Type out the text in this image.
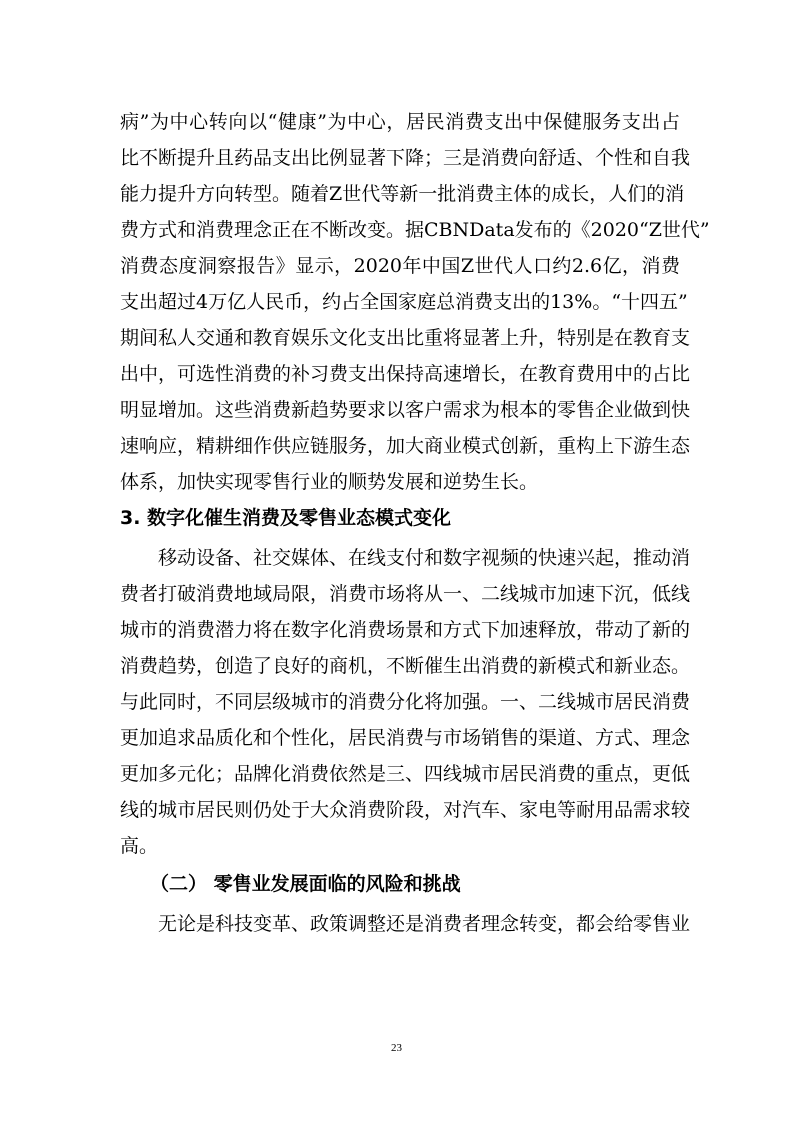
病”为中心转向以“健康”为中心，居民消费支出中保健服务支出占
比不断提升且药品支出比例显著下降；三是消费向舒适、个性和自我
能力提升方向转型。随着Z世代等新一批消费主体的成长，人们的消
费方式和消费理念正在不断改变。据CBNData发布的《2020“Z世代”
消费态度洞察报告》显示，2020年中国Z世代人口约2.6亿，消费
支出超过4万亿人民币，约占全国家庭总消费支出的13%。“十四五”
期间私人交通和教育娱乐文化支出比重将显著上升，特别是在教育支
出中，可选性消费的补习费支出保持高速增长，在教育费用中的占比
明显增加。这些消费新趋势要求以客户需求为根本的零售企业做到快
速响应，精耕细作供应链服务，加大商业模式创新，重构上下游生态
体系，加快实现零售行业的顺势发展和逆势生长。
3. 数字化催生消费及零售业态模式变化
移动设备、社交媒体、在线支付和数字视频的快速兴起，推动消
费者打破消费地域局限，消费市场将从一、二线城市加速下沉，低线
城市的消费潜力将在数字化消费场景和方式下加速释放，带动了新的
消费趋势，创造了良好的商机，不断催生出消费的新模式和新业态。
与此同时，不同层级城市的消费分化将加强。一、二线城市居民消费
更加追求品质化和个性化，居民消费与市场销售的渠道、方式、理念
更加多元化；品牌化消费依然是三、四线城市居民消费的重点，更低
线的城市居民则仍处于大众消费阶段，对汽车、家电等耐用品需求较
高。
（二） 零售业发展面临的风险和挑战
无论是科技变革、政策调整还是消费者理念转变，都会给零售业
23
